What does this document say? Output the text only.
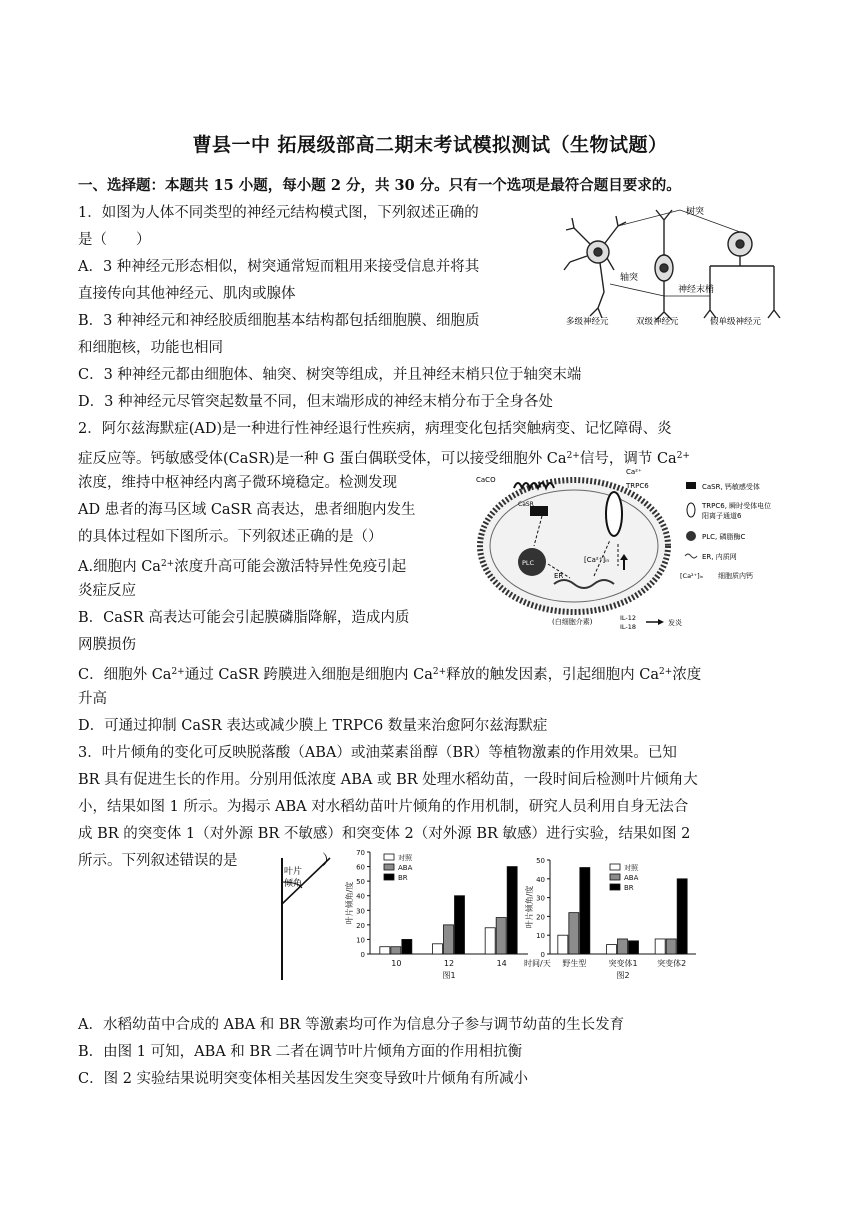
曹县一中 拓展级部高二期末考试模拟测试（生物试题）
一、选择题：本题共 15 小题，每小题 2 分，共 30 分。只有一个选项是最符合题目要求的。
1．如图为人体不同类型的神经元结构模式图，下列叙述正确的
是（　　）
A．3 种神经元形态相似，树突通常短而粗用来接受信息并将其
直接传向其他神经元、肌肉或腺体
B．3 种神经元和神经胶质细胞基本结构都包括细胞膜、细胞质
和细胞核，功能也相同
C．3 种神经元都由细胞体、轴突、树突等组成，并且神经末梢只位于轴突末端
D．3 种神经元尽管突起数量不同，但末端形成的神经末梢分布于全身各处
树突
轴突
神经末梢
多级神经元	双级神经元	假单级神经元
2．阿尔兹海默症(AD)是一种进行性神经退行性疾病，病理变化包括突触病变、记忆障碍、炎
症反应等。钙敏感受体(CaSR)是一种 G 蛋白偶联受体，可以接受细胞外 $Ca^{2+}$信号，调节 $Ca^{2+}$
浓度，维持中枢神经内离子微环境稳定。检测发现
AD 患者的海马区域 CaSR 高表达，患者细胞内发生
的具体过程如下图所示。下列叙述正确的是（）
A.细胞内 $Ca^{2+}$浓度升高可能会激活特异性免疫引起
炎症反应
B．CaSR 高表达可能会引起膜磷脂降解，造成内质
网膜损伤
C．细胞外 $Ca^{2+}$通过 CaSR 跨膜进入细胞是细胞内 $Ca^{2+}$释放的触发因素，引起细胞内 $Ca^{2+}$浓度
升高
D．可通过抑制 CaSR 表达或减少膜上 TRPC6 数量来治愈阿尔兹海默症
CaCO
CaSR
PLC
ER
Ca²⁺
TRPC6
[Ca²⁺]ᵢₙ
(白细胞介素)	IL-12
IL-18	发炎
CaSR, 钙敏感受体
TRPC6, 瞬时受体电位
阳离子通道6
PLC, 磷脂酶C
ER, 内质网
[Ca²⁺]ᵢₙ 细胞质内钙
3．叶片倾角的变化可反映脱落酸（ABA）或油菜素甾醇（BR）等植物激素的作用效果。已知
BR 具有促进生长的作用。分别用低浓度 ABA 或 BR 处理水稻幼苗，一段时间后检测叶片倾角大
小，结果如图 1 所示。为揭示 ABA 对水稻幼苗叶片倾角的作用机制，研究人员利用自身无法合
成 BR 的突变体 1（对外源 BR 不敏感）和突变体 2（对外源 BR 敏感）进行实验，结果如图 2
所示。下列叙述错误的是	）
叶片
倾角
0
10
20
30
40
50
60
70
叶片倾角/度
10	12	14 时间/天
图1
对照
ABA
BR
0
10
20
30
40
50
叶片倾角/度
野生型	突变体1 突变体2
图2
对照
ABA
BR
A．水稻幼苗中合成的 ABA 和 BR 等激素均可作为信息分子参与调节幼苗的生长发育
B．由图 1 可知，ABA 和 BR 二者在调节叶片倾角方面的作用相抗衡
C．图 2 实验结果说明突变体相关基因发生突变导致叶片倾角有所减小
